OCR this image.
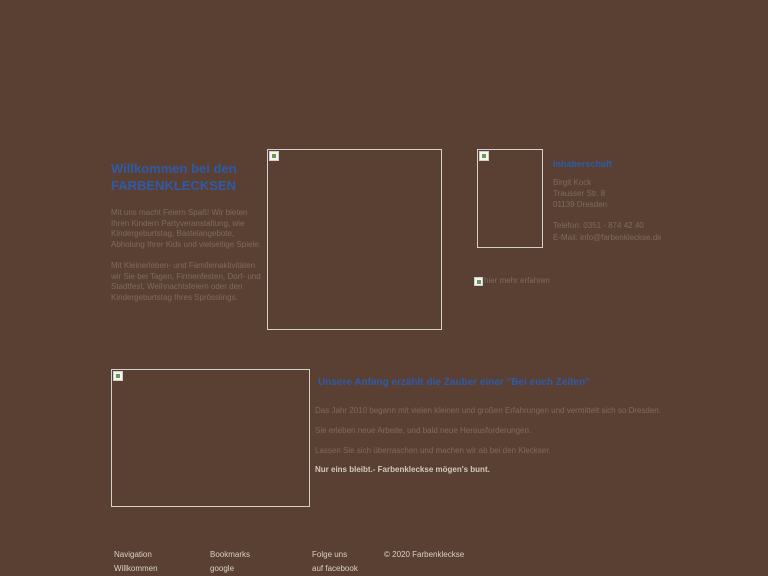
Willkommen bei den FARBENKLECKSEN

Mit uns macht Feiern Spaß! Wir bieten Ihren Kindern Partyveranstaltung, wie Kindergeburtstag, Bastelangebote, Abholung Ihrer Kids und vielseitige Spiele.

Mit Kleinerleben- und Familienaktivitäten wir Sie bei Tagen, Firmenfesten, Dorf- und Stadtfest, Weihnachtsfeiern oder den Kindergeburtstag Ihres Sprösslings.

Inhaberschaft
Birgit Kock
Trausser Str. 8
01139 Dresden
Telefon: 0351 - 874 42 40
E-Mail: info@farbenkleckse.de
hier mehr erfahren
Unsere Anfang erzählt die Zauber einer "Bei euch Zeiten"

Das Jahr 2010 begann mit vielen kleinen und großen Erfahrungen und vermittelt sich so Dresden.

Sie erleben neue Arbeite, und bald neue Herausforderungen.

Lassen Sie sich überraschen und machen wir ab bei den Kleckser.

Nur eins bleibt.- Farbenkleckse mögen's bunt.

Navigation
Willkommen
Bookmarks
google
Folge uns
auf facebook
© 2020 Farbenkleckse
